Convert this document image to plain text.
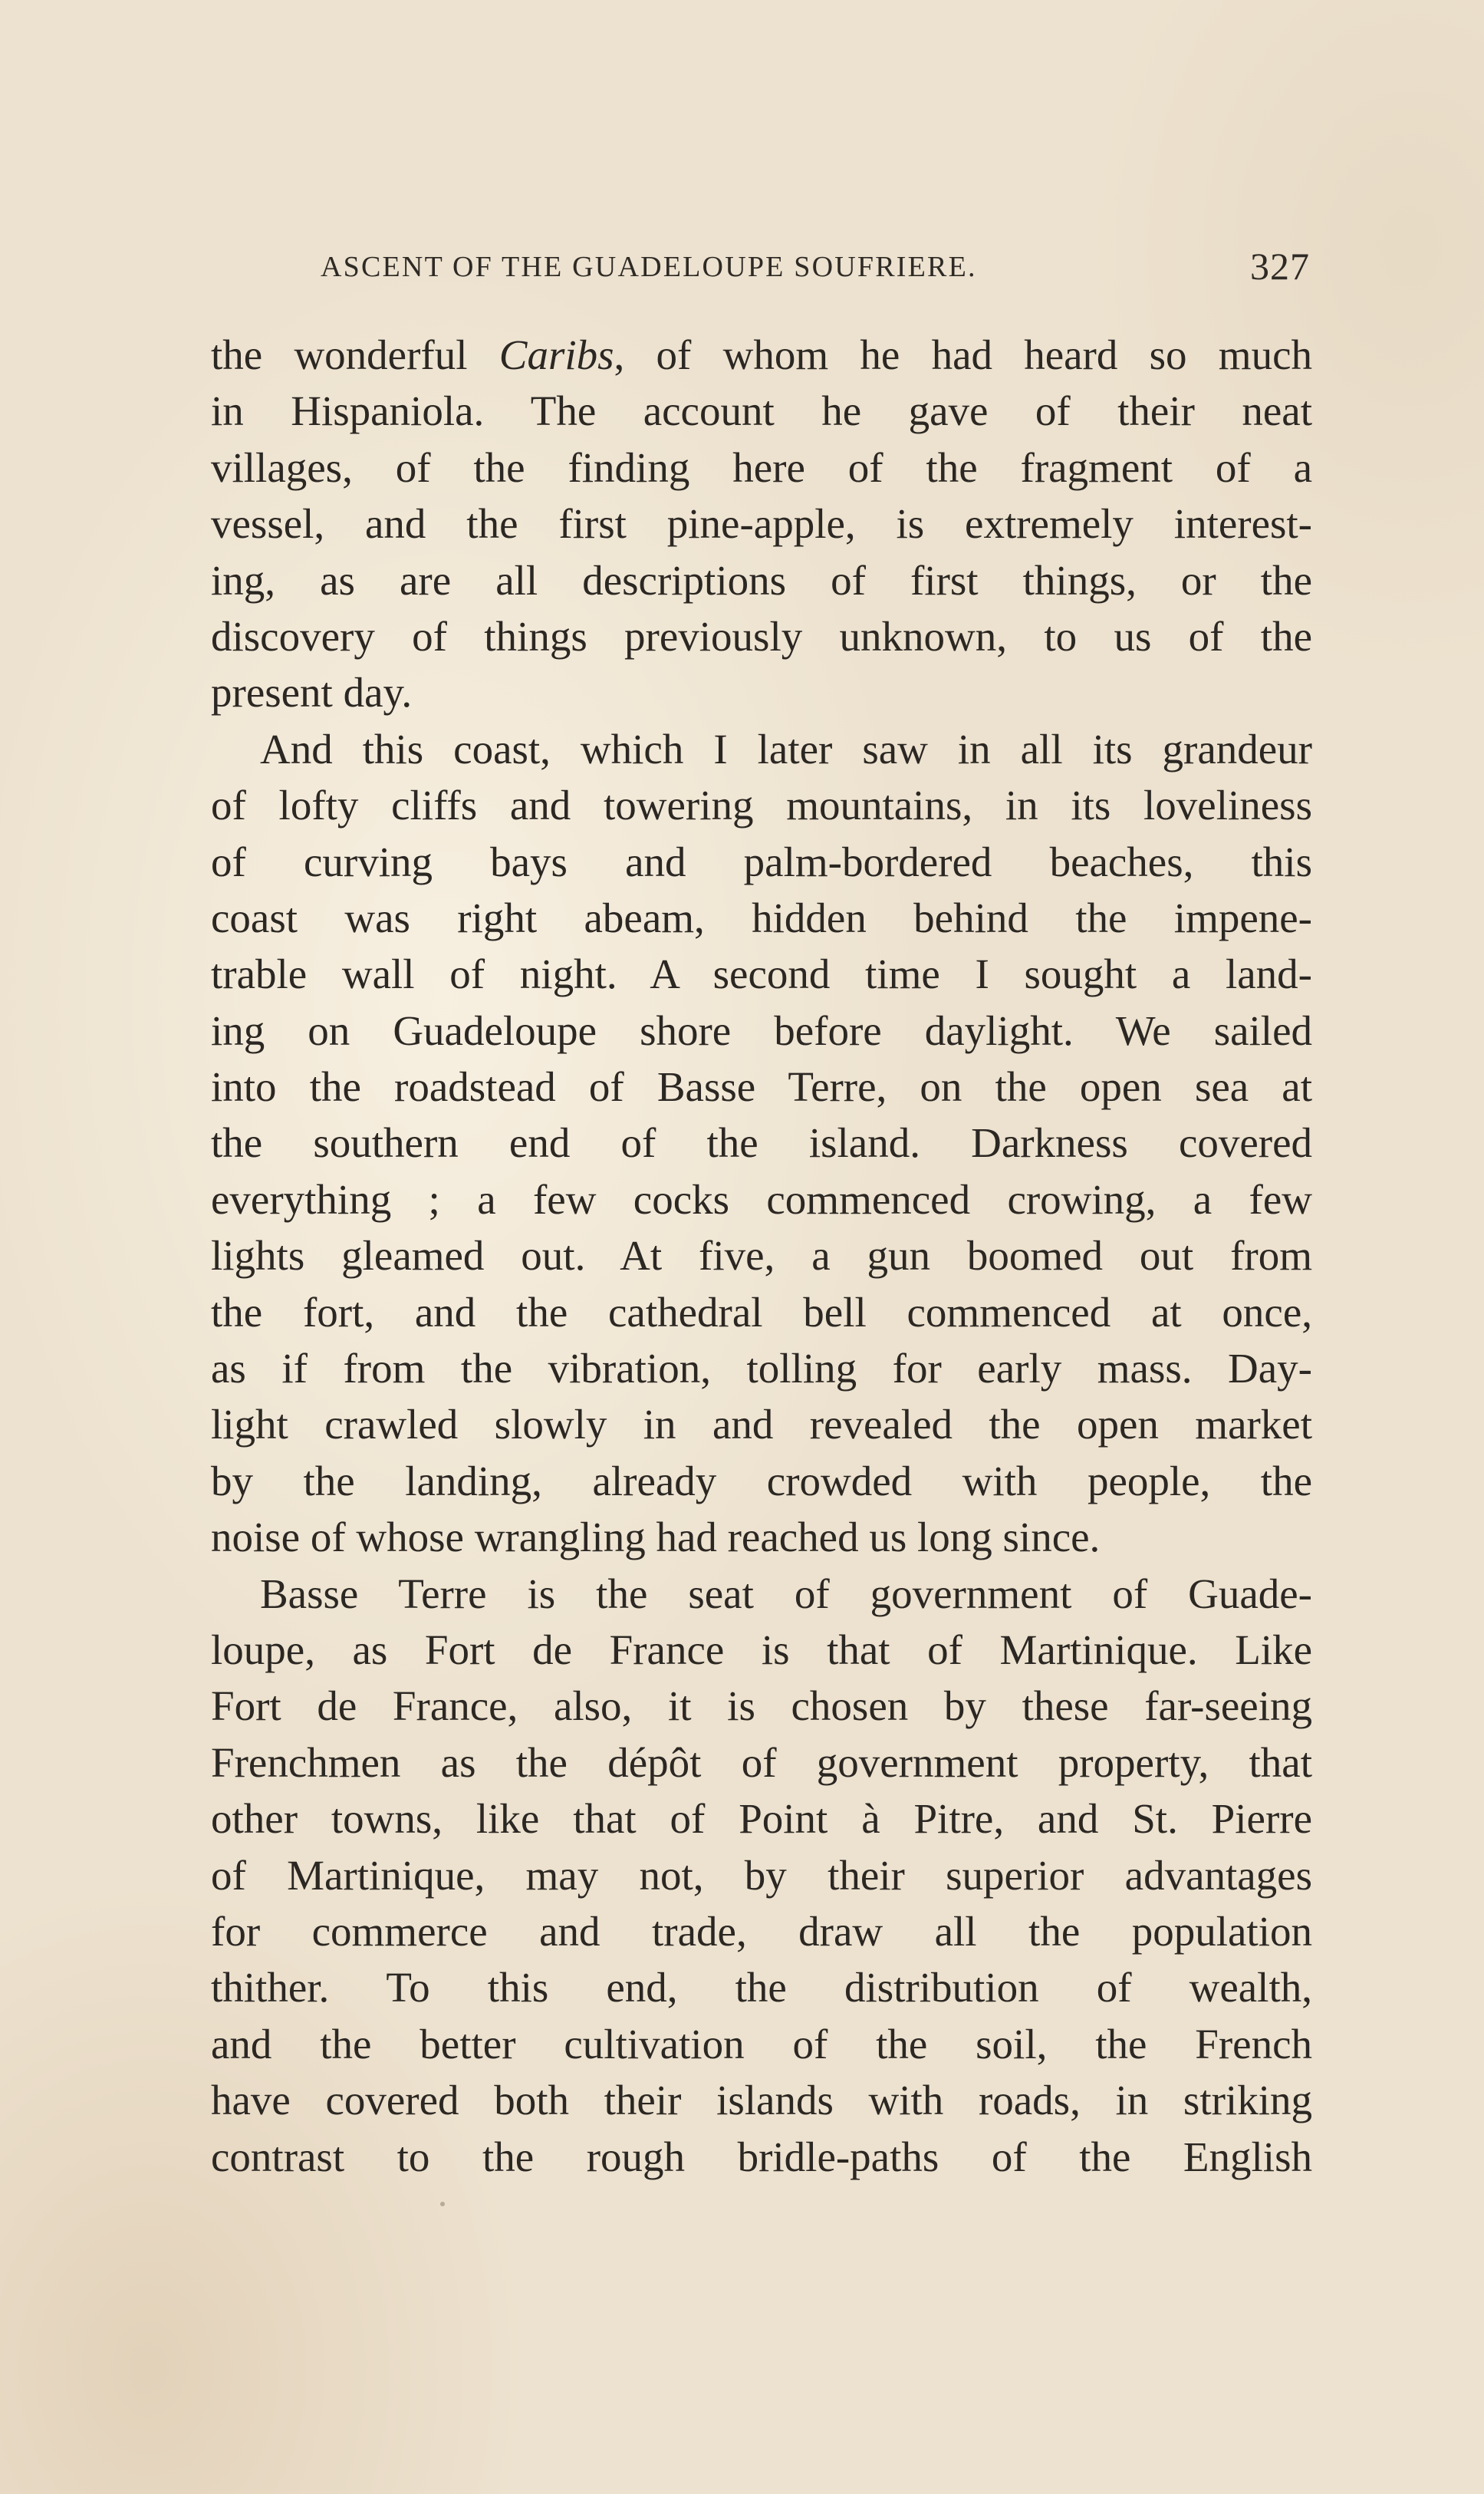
ASCENT OF THE GUADELOUPE SOUFRIERE.	327
the wonderful Caribs, of whom he had heard so much
in Hispaniola. The account he gave of their neat
villages, of the finding here of the fragment of a
vessel, and the first pine-apple, is extremely interest-
ing, as are all descriptions of first things, or the
discovery of things previously unknown, to us of the
present day.
And this coast, which I later saw in all its grandeur
of lofty cliffs and towering mountains, in its loveliness
of curving bays and palm-bordered beaches, this
coast was right abeam, hidden behind the impene-
trable wall of night. A second time I sought a land-
ing on Guadeloupe shore before daylight. We sailed
into the roadstead of Basse Terre, on the open sea at
the southern end of the island. Darkness covered
everything ; a few cocks commenced crowing, a few
lights gleamed out. At five, a gun boomed out from
the fort, and the cathedral bell commenced at once,
as if from the vibration, tolling for early mass. Day-
light crawled slowly in and revealed the open market
by the landing, already crowded with people, the
noise of whose wrangling had reached us long since.
Basse Terre is the seat of government of Guade-
loupe, as Fort de France is that of Martinique. Like
Fort de France, also, it is chosen by these far-seeing
Frenchmen as the dépôt of government property, that
other towns, like that of Point à Pitre, and St. Pierre
of Martinique, may not, by their superior advantages
for commerce and trade, draw all the population
thither. To this end, the distribution of wealth,
and the better cultivation of the soil, the French
have covered both their islands with roads, in striking
contrast to the rough bridle-paths of the English
